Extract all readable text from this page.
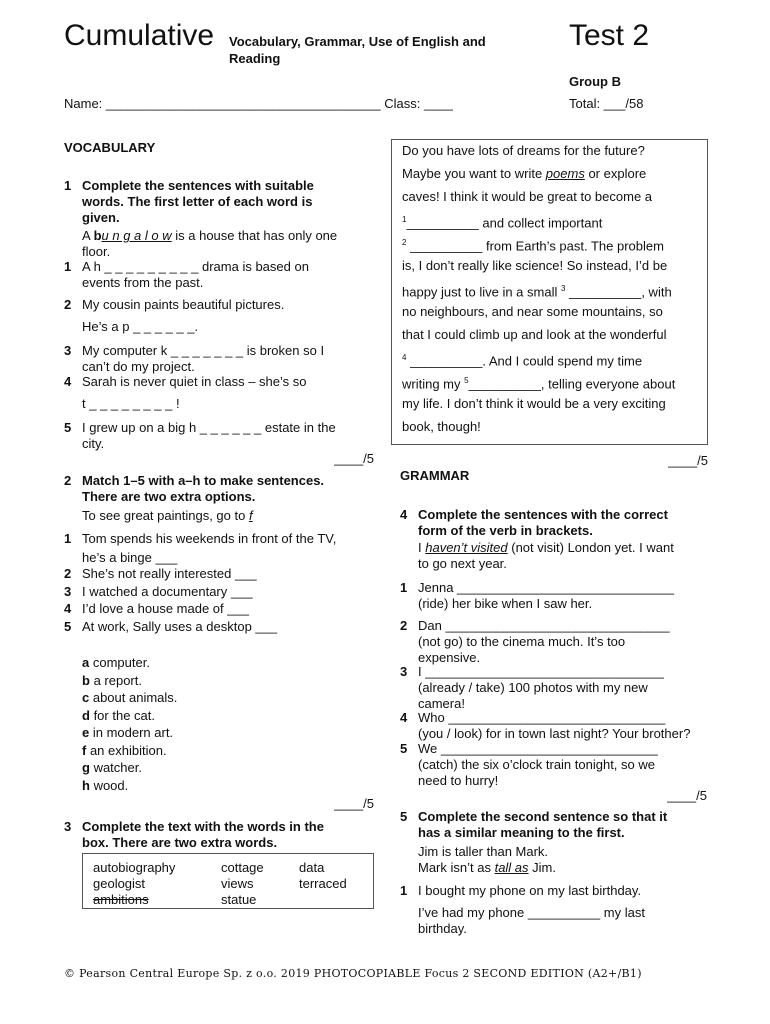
Cumulative Vocabulary, Grammar, Use of English and
Reading
Test 2
Group B
Name: ______________________________________ Class: ____	Total: ___/58
VOCABULARY
1 Complete the sentences with suitable
words. The first letter of each word is
given.
A bu n g a l o w is a house that has only one
floor.
1 A h _ _ _ _ _ _ _ _ _ drama is based on
events from the past.
2 My cousin paints beautiful pictures.
He’s a p _ _ _ _ _ _.
3 My computer k _ _ _ _ _ _ _ is broken so I
can’t do my project.
4 Sarah is never quiet in class – she’s so
t _ _ _ _ _ _ _ _ !
5 I grew up on a big h _ _ _ _ _ _ estate in the
city.
____/5
2 Match 1–5 with a–h to make sentences.
There are two extra options.
To see great paintings, go to f
1 Tom spends his weekends in front of the TV,
he’s a binge ___
2 She’s not really interested ___
3 I watched a documentary ___
4 I’d love a house made of ___
5 At work, Sally uses a desktop ___
a computer.
b a report.
c about animals.
d for the cat.
e in modern art.
f an exhibition.
g watcher.
h wood.
____/5
3 Complete the text with the words in the
box. There are two extra words.
autobiography
geologist
ambitions
cottage
views
statue
data
terraced
Do you have lots of dreams for the future?
Maybe you want to write poems or explore
caves! I think it would be great to become a
$^1$__________ and collect important
$^2$ __________ from Earth’s past. The problem
is, I don’t really like science! So instead, I’d be
happy just to live in a small $^3$ __________, with
no neighbours, and near some mountains, so
that I could climb up and look at the wonderful
$^4$ __________. And I could spend my time
writing my $^5$__________, telling everyone about
my life. I don’t think it would be a very exciting
book, though!
____/5
GRAMMAR
4 Complete the sentences with the correct
form of the verb in brackets.
I haven’t visited (not visit) London yet. I want
to go next year.
1 Jenna ______________________________
(ride) her bike when I saw her.
2 Dan _______________________________
(not go) to the cinema much. It’s too
expensive.
3 I _________________________________
(already / take) 100 photos with my new
camera!
4 Who ______________________________
(you / look) for in town last night? Your brother?
5 We ______________________________
(catch) the six o’clock train tonight, so we
need to hurry!
____/5
5 Complete the second sentence so that it
has a similar meaning to the first.
Jim is taller than Mark.
Mark isn’t as tall as Jim.
1 I bought my phone on my last birthday.
I’ve had my phone __________ my last
birthday.
© Pearson Central Europe Sp. z o.o. 2019 PHOTOCOPIABLE Focus 2 SECOND EDITION (A2+/B1)
